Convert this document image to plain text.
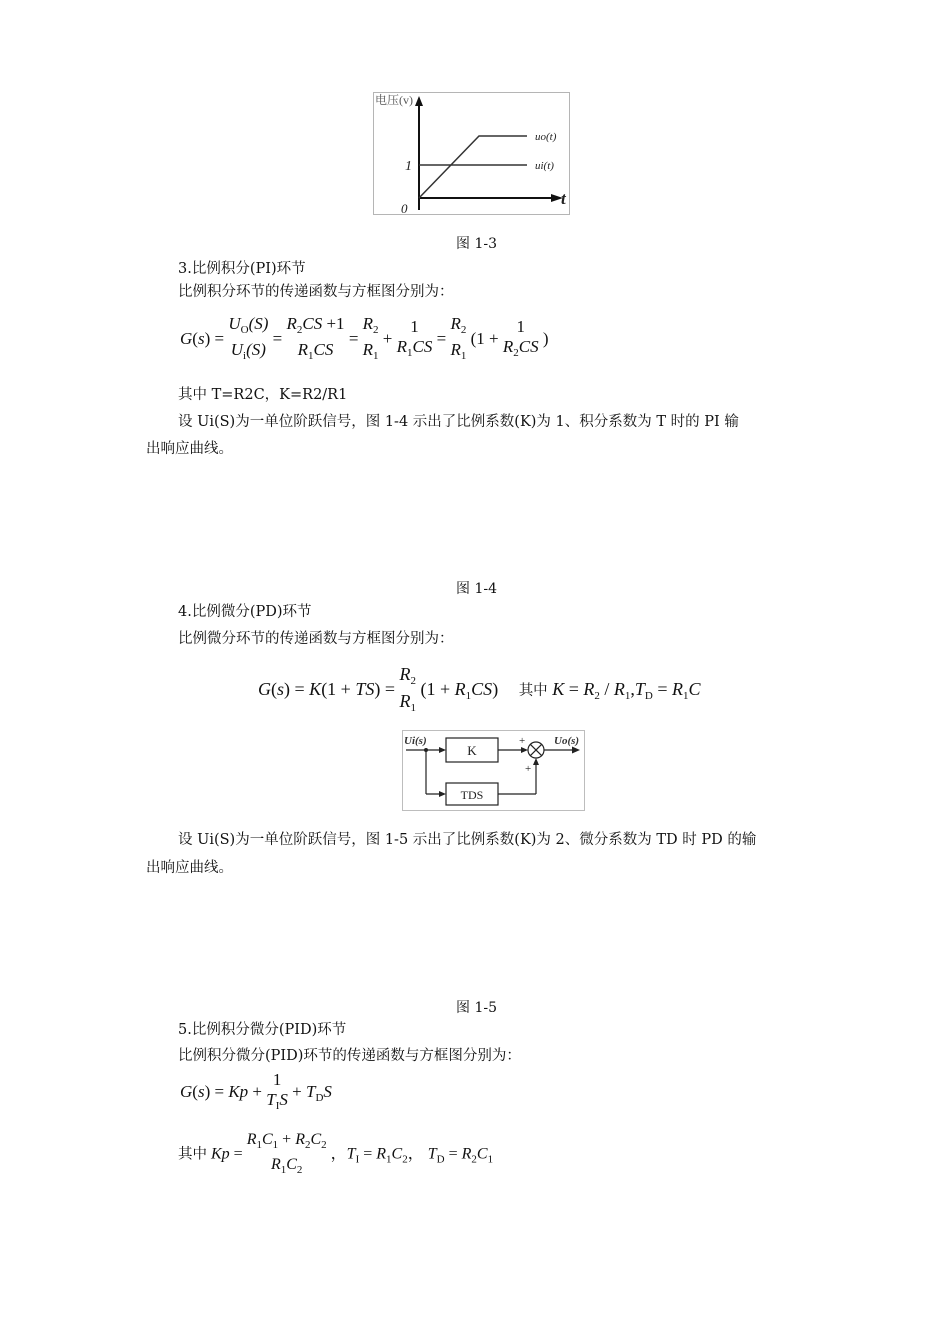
电压(v)
uo(t)
ui(t)
1
0
t
图 1-3
3.比例积分(PI)环节
比例积分环节的传递函数与方框图分别为：
G(s) =
$U_O(S)$
$U_i(S)$
=
$R_2CS +1$
$R_1CS$
=
$R_2$
$R_1$
+
1
$R_1CS$ =
$R_2$
$R_1$
(1 +
1
$R_2CS$ )
其中 T=R2C，K=R2/R1
设 Ui(S)为一单位阶跃信号，图 1-4 示出了比例系数(K)为 1、积分系数为 T 时的 PI 输
出响应曲线。
图 1-4
4.比例微分(PD)环节
比例微分环节的传递函数与方框图分别为：
G(s) = K(1 + TS) =
$R_2$
$R_1$
$(1 + R_1CS)$ 其中 $K = R_2 / R_1,T_D = R_1C$
Ui(s)
K
TDS
+
+
Uo(s)
设 Ui(S)为一单位阶跃信号，图 1-5 示出了比例系数(K)为 2、微分系数为 TD 时 PD 的输
出响应曲线。
图 1-5
5.比例积分微分(PID)环节
比例积分微分(PID)环节的传递函数与方框图分别为：
G(s) = Kp +
1
$T_IS + T_DS$
其中 Kp =
$R_1C_1 + R_2C_2$
$R_1C_2$
，$T_I = R_1C_2$， $T_D = R_2C_1$
